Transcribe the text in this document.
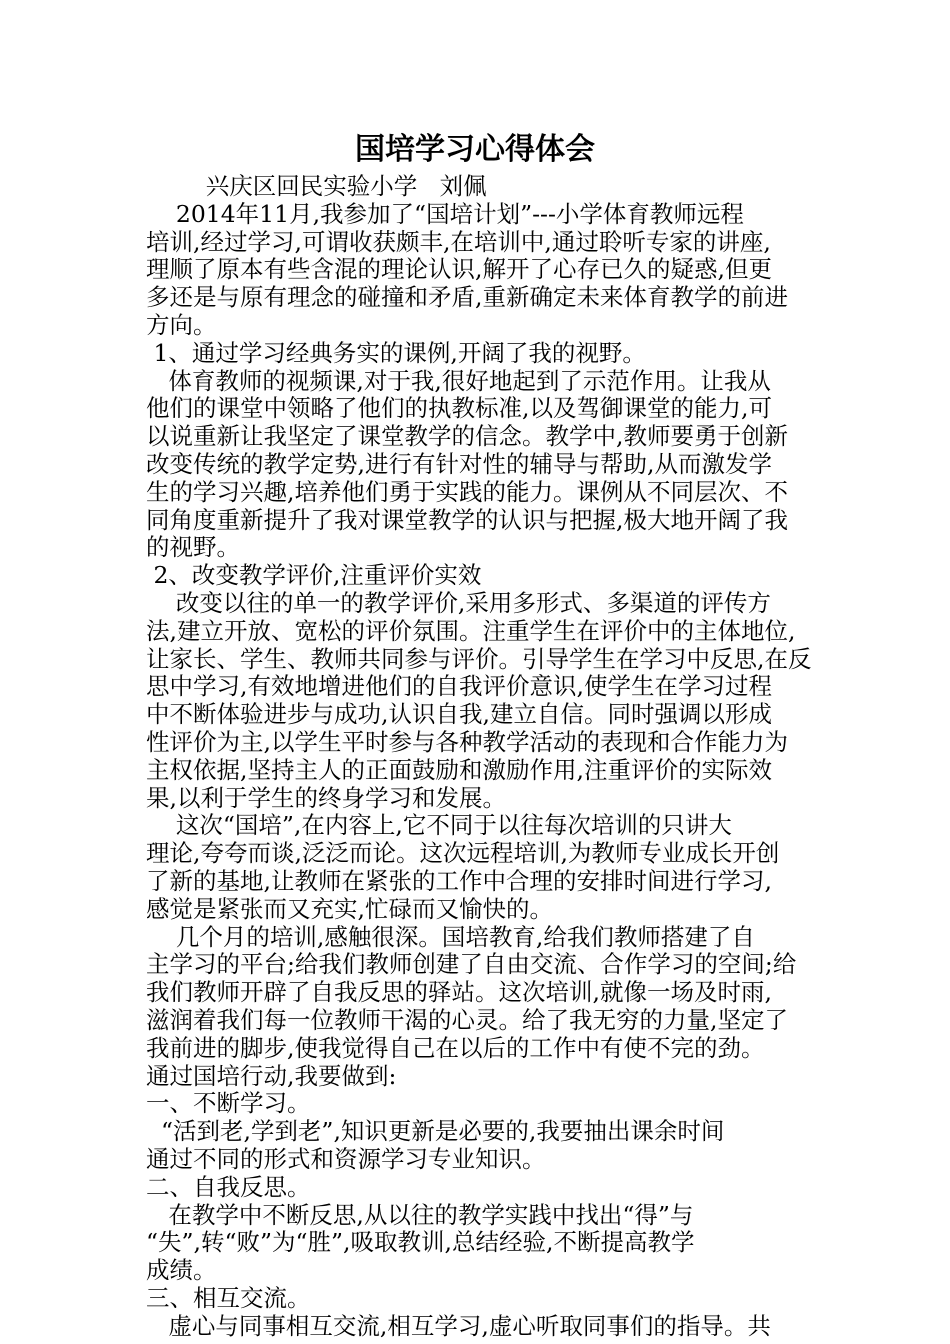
国培学习心得体会
兴庆区回民实验小学   刘佩
2014年11月,我参加了“国培计划”---小学体育教师远程
培训,经过学习,可谓收获颇丰,在培训中,通过聆听专家的讲座,
理顺了原本有些含混的理论认识,解开了心存已久的疑惑,但更
多还是与原有理念的碰撞和矛盾,重新确定未来体育教学的前进
方向。
1、通过学习经典务实的课例,开阔了我的视野。
体育教师的视频课,对于我,很好地起到了示范作用。让我从
他们的课堂中领略了他们的执教标准,以及驾御课堂的能力,可
以说重新让我坚定了课堂教学的信念。教学中,教师要勇于创新
改变传统的教学定势,进行有针对性的辅导与帮助,从而激发学
生的学习兴趣,培养他们勇于实践的能力。课例从不同层次、不
同角度重新提升了我对课堂教学的认识与把握,极大地开阔了我
的视野。
2、改变教学评价,注重评价实效
改变以往的单一的教学评价,采用多形式、多渠道的评传方
法,建立开放、宽松的评价氛围。注重学生在评价中的主体地位,
让家长、学生、教师共同参与评价。引导学生在学习中反思,在反
思中学习,有效地增进他们的自我评价意识,使学生在学习过程
中不断体验进步与成功,认识自我,建立自信。同时强调以形成
性评价为主,以学生平时参与各种教学活动的表现和合作能力为
主权依据,坚持主人的正面鼓励和激励作用,注重评价的实际效
果,以利于学生的终身学习和发展。
这次“国培”,在内容上,它不同于以往每次培训的只讲大
理论,夸夸而谈,泛泛而论。这次远程培训,为教师专业成长开创
了新的基地,让教师在紧张的工作中合理的安排时间进行学习,
感觉是紧张而又充实,忙碌而又愉快的。
几个月的培训,感触很深。国培教育,给我们教师搭建了自
主学习的平台;给我们教师创建了自由交流、合作学习的空间;给
我们教师开辟了自我反思的驿站。这次培训,就像一场及时雨,
滋润着我们每一位教师干渴的心灵。给了我无穷的力量,坚定了
我前进的脚步,使我觉得自己在以后的工作中有使不完的劲。
通过国培行动,我要做到:
一、不断学习。
“活到老,学到老”,知识更新是必要的,我要抽出课余时间
通过不同的形式和资源学习专业知识。
二、自我反思。
在教学中不断反思,从以往的教学实践中找出“得”与
“失”,转“败”为“胜”,吸取教训,总结经验,不断提高教学
成绩。
三、相互交流。
虚心与同事相互交流,相互学习,虚心听取同事们的指导。共
